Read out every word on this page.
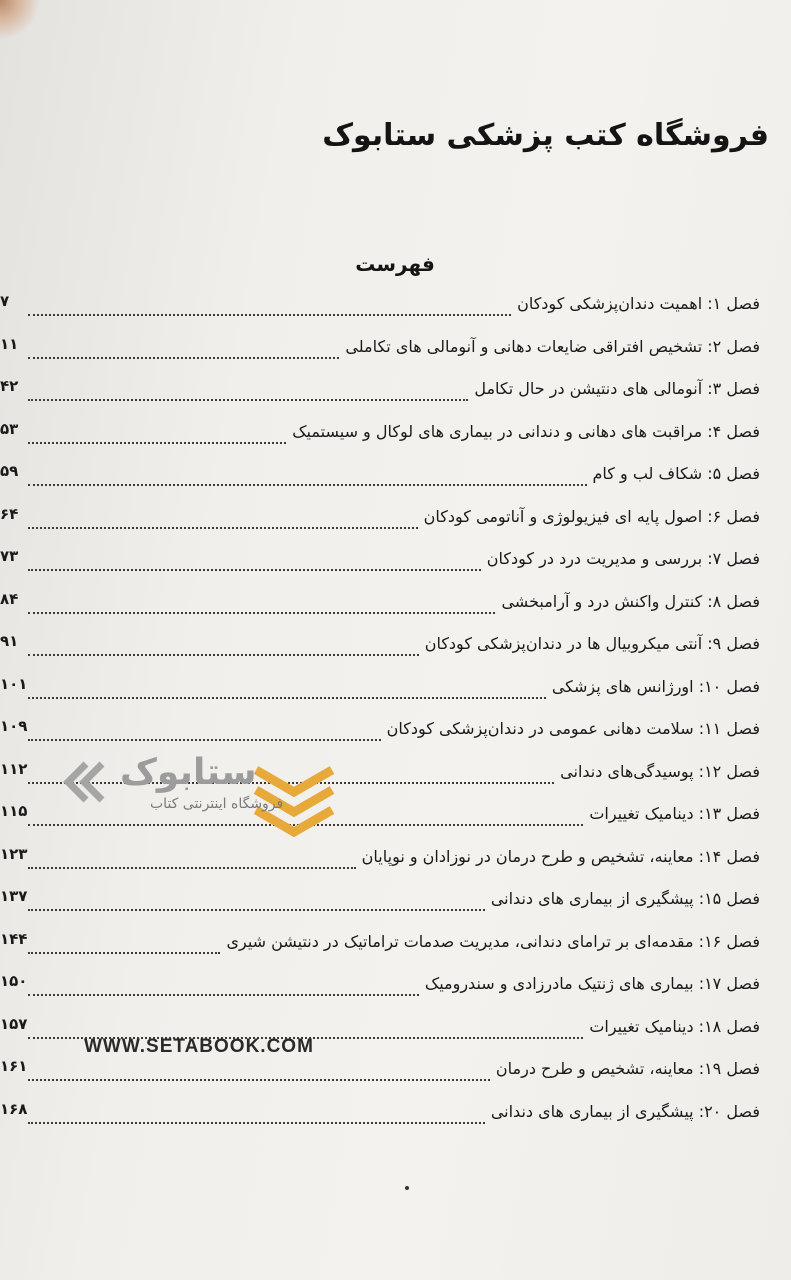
فروشگاه کتب پزشکی ستابوک
فهرست
فصل ۱: اهمیت دندان‌پزشکی کودکان
۷
فصل ۲: تشخیص افتراقی ضایعات دهانی و آنومالی های تکاملی
۱۱
فصل ۳: آنومالی های دنتیشن در حال تکامل
۴۲
فصل ۴: مراقبت های دهانی و دندانی در بیماری های لوکال و سیستمیک
۵۳
فصل ۵: شکاف لب و کام
۵۹
فصل ۶: اصول پایه ای فیزیولوژی و آناتومی کودکان
۶۴
فصل ۷: بررسی و مدیریت درد در کودکان
۷۳
فصل ۸: کنترل واکنش درد و آرامبخشی
۸۴
فصل ۹: آنتی میکروبیال ها در دندان‌پزشکی کودکان
۹۱
فصل ۱۰: اورژانس های پزشکی
۱۰۱
فصل ۱۱: سلامت دهانی عمومی در دندان‌پزشکی کودکان
۱۰۹
فصل ۱۲: پوسیدگی‌های دندانی
۱۱۲
فصل ۱۳: دینامیک تغییرات
۱۱۵
فصل ۱۴: معاینه، تشخیص و طرح درمان در نوزادان و نوپایان
۱۲۳
فصل ۱۵: پیشگیری از بیماری های دندانی
۱۳۷
فصل ۱۶: مقدمه‌ای بر ترامای دندانی، مدیریت صدمات تراماتیک در دنتیشن شیری
۱۴۴
فصل ۱۷: بیماری های ژنتیک مادرزادی و سندرومیک
۱۵۰
فصل ۱۸: دینامیک تغییرات
۱۵۷
فصل ۱۹: معاینه، تشخیص و طرح درمان
۱۶۱
فصل ۲۰: پیشگیری از بیماری های دندانی
۱۶۸
ستابوک
فروشگاه اینترنتی کتاب
WWW.SETABOOK.COM
